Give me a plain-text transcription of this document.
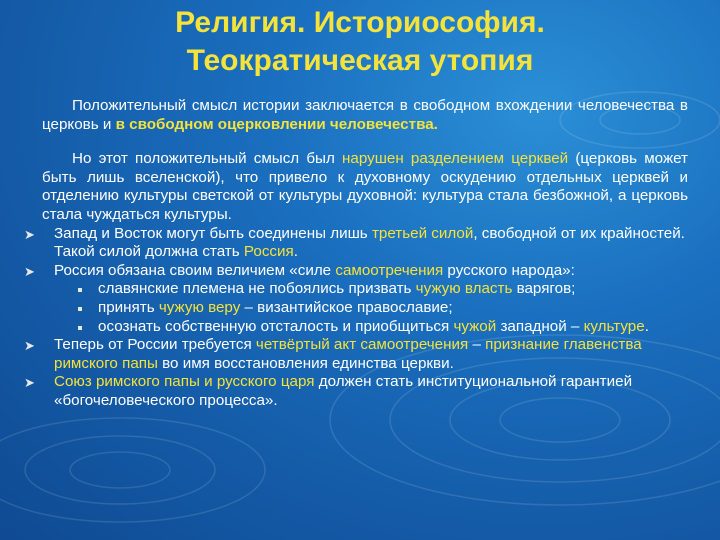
Религия. Историософия.
Теократическая утопия

Положительный смысл истории заключается в свободном вхождении человечества в церковь и в свободном оцерковлении человечества.

Но этот положительный смысл был нарушен разделением церквей (церковь может быть лишь вселенской), что привело к духовному оскудению отдельных церквей и отделению культуры светской от культуры духовной: культура стала безбожной, а церковь стала чуждаться культуры.

➤ Запад и Восток могут быть соединены лишь третьей силой, свободной от их крайностей. Такой силой должна стать Россия.
➤ Россия обязана своим величием «силе самоотречения русского народа»:
славянские племена не побоялись призвать чужую власть варягов;
принять чужую веру – византийское православие;
осознать собственную отсталость и приобщиться чужой западной – культуре.
➤ Теперь от России требуется четвёртый акт самоотречения – признание главенства римского папы во имя восстановления единства церкви.
➤ Союз римского папы и русского царя должен стать институциональной гарантией «богочеловеческого процесса».
